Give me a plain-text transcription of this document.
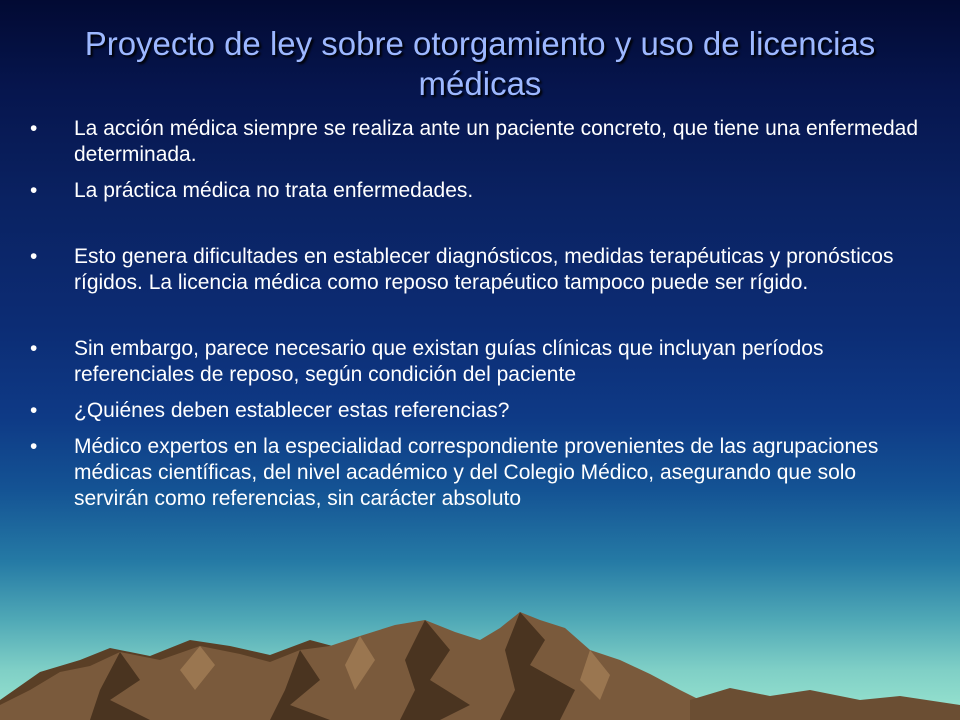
Proyecto de ley sobre otorgamiento y uso de licencias médicas
•	La acción médica siempre se realiza ante un paciente concreto, que tiene una enfermedad determinada.
•	La práctica médica no trata enfermedades.
•	Esto genera dificultades en establecer diagnósticos, medidas terapéuticas y pronósticos rígidos. La licencia médica como reposo terapéutico tampoco puede ser rígido.
•	Sin embargo, parece necesario que existan guías clínicas que incluyan períodos referenciales de reposo, según condición del paciente
•	¿Quiénes deben establecer estas referencias?
•	Médico expertos en la especialidad correspondiente provenientes de las agrupaciones médicas científicas, del nivel académico y del Colegio Médico, asegurando que solo servirán como referencias, sin carácter absoluto
